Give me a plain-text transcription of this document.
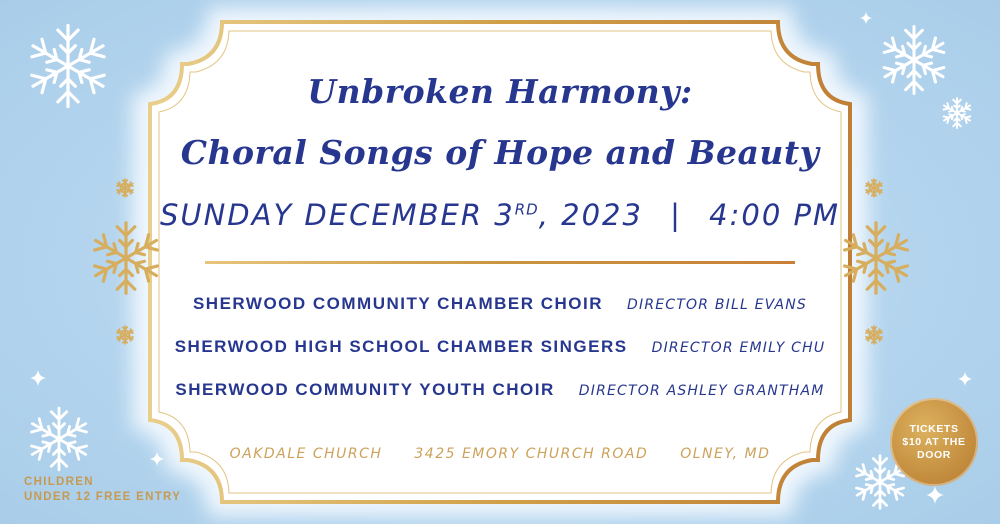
Unbroken Harmony:
Choral Songs of Hope and Beauty
SUNDAY DECEMBER 3RD, 2023 | 4:00 PM
SHERWOOD COMMUNITY CHAMBER CHOIR DIRECTOR BILL EVANS
SHERWOOD HIGH SCHOOL CHAMBER SINGERS DIRECTOR EMILY CHU
SHERWOOD COMMUNITY YOUTH CHOIR DIRECTOR ASHLEY GRANTHAM
OAKDALE CHURCH 3425 EMORY CHURCH ROAD OLNEY, MD

CHILDREN
UNDER 12 FREE ENTRY

TICKETS
$10 AT THE
DOOR
